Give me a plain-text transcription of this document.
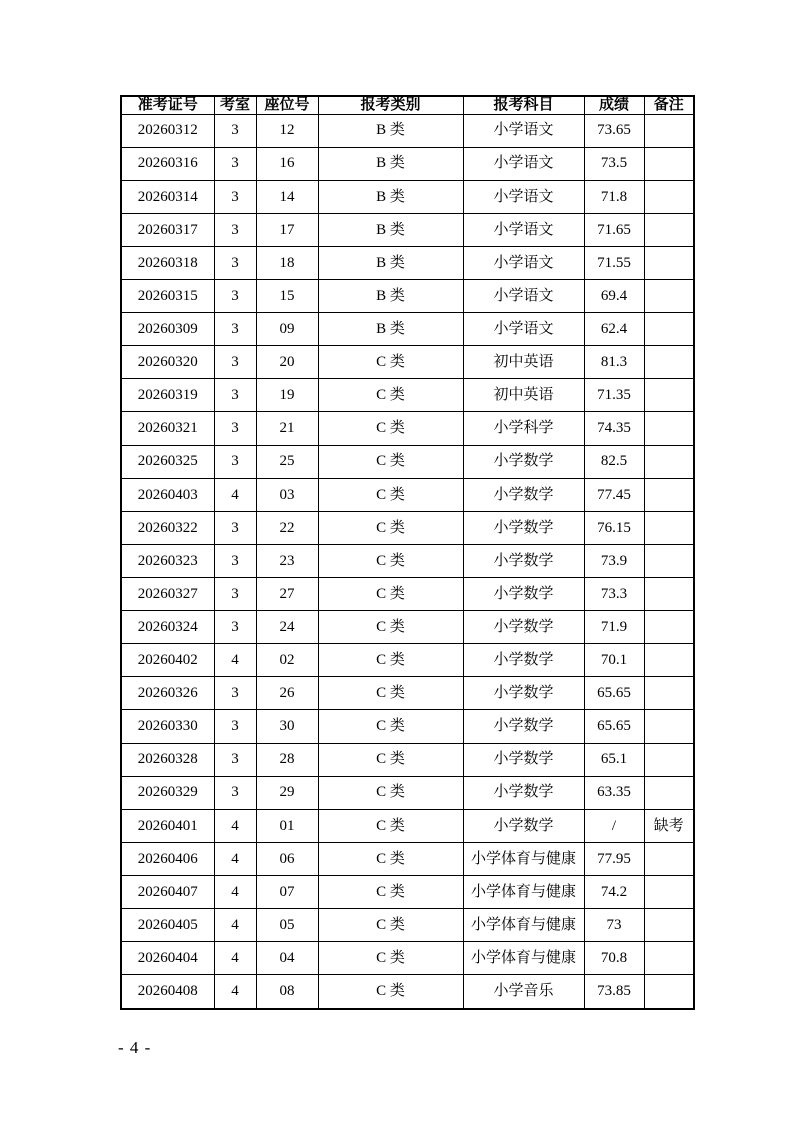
准考证号	考室	座位号	报考类别	报考科目	成绩	备注
20260312	3	12	B 类	小学语文	73.65	
20260316	3	16	B 类	小学语文	73.5	
20260314	3	14	B 类	小学语文	71.8	
20260317	3	17	B 类	小学语文	71.65	
20260318	3	18	B 类	小学语文	71.55	
20260315	3	15	B 类	小学语文	69.4	
20260309	3	09	B 类	小学语文	62.4	
20260320	3	20	C 类	初中英语	81.3	
20260319	3	19	C 类	初中英语	71.35	
20260321	3	21	C 类	小学科学	74.35	
20260325	3	25	C 类	小学数学	82.5	
20260403	4	03	C 类	小学数学	77.45	
20260322	3	22	C 类	小学数学	76.15	
20260323	3	23	C 类	小学数学	73.9	
20260327	3	27	C 类	小学数学	73.3	
20260324	3	24	C 类	小学数学	71.9	
20260402	4	02	C 类	小学数学	70.1	
20260326	3	26	C 类	小学数学	65.65	
20260330	3	30	C 类	小学数学	65.65	
20260328	3	28	C 类	小学数学	65.1	
20260329	3	29	C 类	小学数学	63.35	
20260401	4	01	C 类	小学数学	/	缺考
20260406	4	06	C 类	小学体育与健康	77.95	
20260407	4	07	C 类	小学体育与健康	74.2	
20260405	4	05	C 类	小学体育与健康	73	
20260404	4	04	C 类	小学体育与健康	70.8	
20260408	4	08	C 类	小学音乐	73.85	
- 4 -
